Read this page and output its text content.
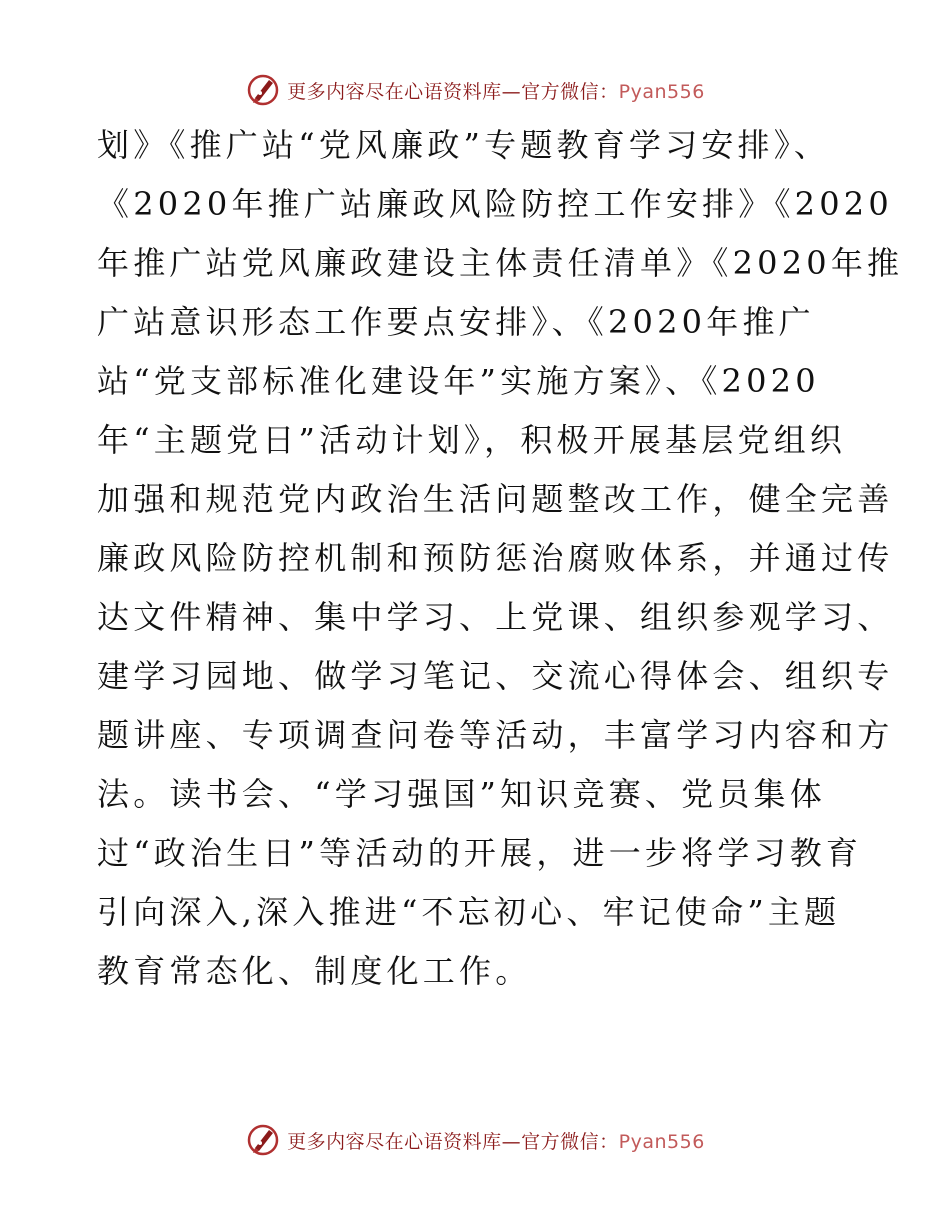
更多内容尽在心语资料库—官方微信：Pyan556
划》《推广站“党风廉政”专题教育学习安排》、
《2020年推广站廉政风险防控工作安排》《2020
年推广站党风廉政建设主体责任清单》《2020年推
广站意识形态工作要点安排》、《2020年推广
站“党支部标准化建设年”实施方案》、《2020
年“主题党日”活动计划》，积极开展基层党组织
加强和规范党内政治生活问题整改工作，健全完善
廉政风险防控机制和预防惩治腐败体系，并通过传
达文件精神、集中学习、上党课、组织参观学习、
建学习园地、做学习笔记、交流心得体会、组织专
题讲座、专项调查问卷等活动，丰富学习内容和方
法。读书会、“学习强国”知识竞赛、党员集体
过“政治生日”等活动的开展，进一步将学习教育
引向深入,深入推进“不忘初心、牢记使命”主题
教育常态化、制度化工作。
更多内容尽在心语资料库—官方微信：Pyan556
